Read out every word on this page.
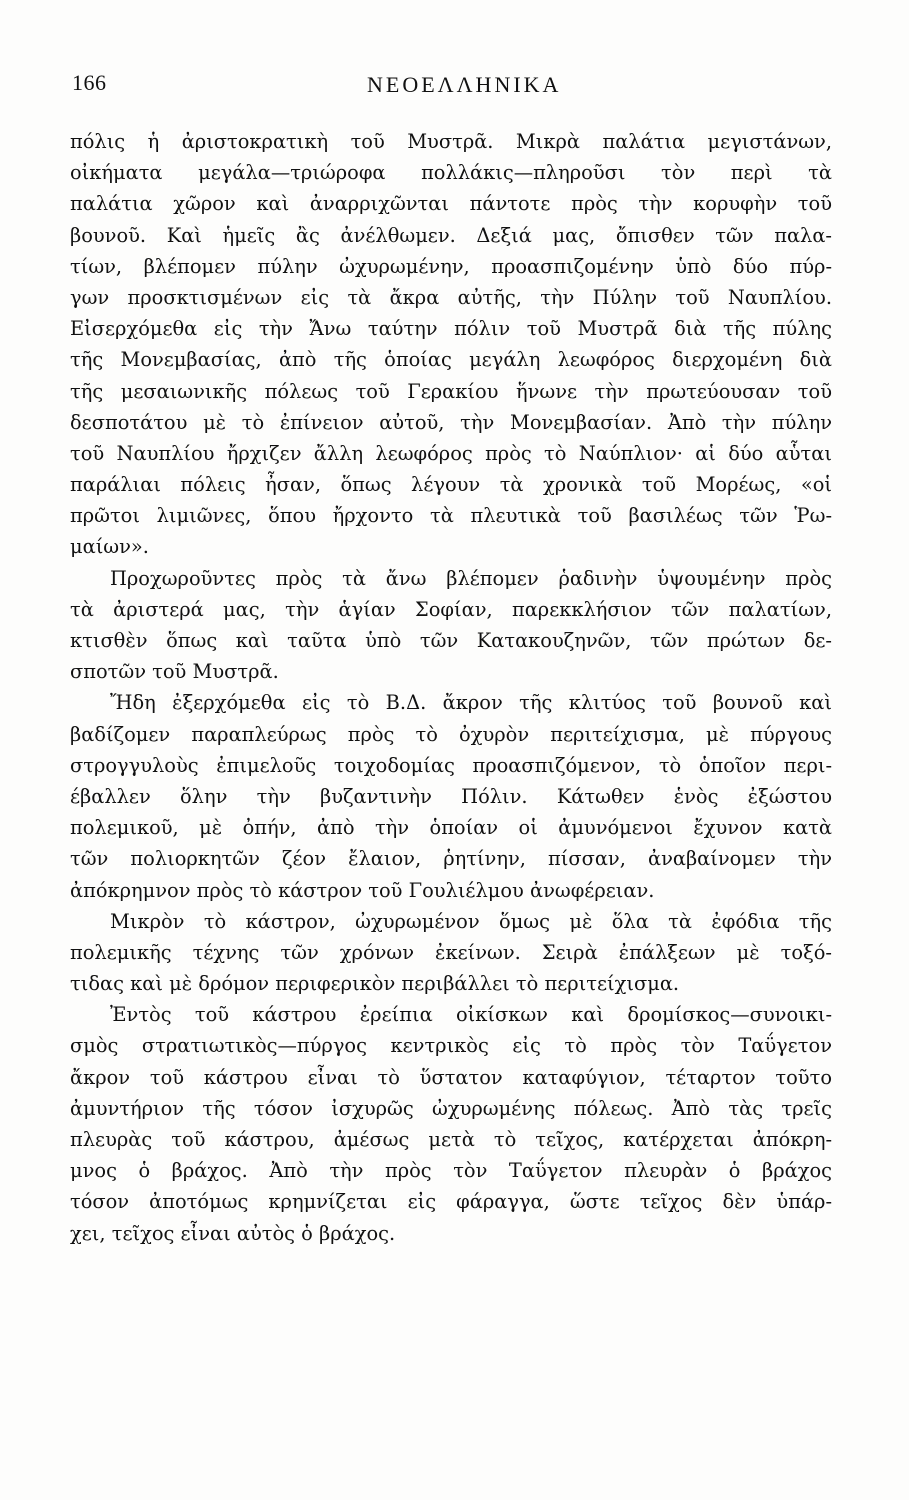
166	ΝΕΟΕΛΛΗΝΙΚΑ
πόλις ἡ ἀριστοκρατικὴ τοῦ Μυστρᾶ. Μικρὰ παλάτια μεγιστάνων,
οἰκήματα μεγάλα—τριώροφα πολλάκις—πληροῦσι τὸν περὶ τὰ
παλάτια χῶρον καὶ ἀναρριχῶνται πάντοτε πρὸς τὴν κορυφὴν τοῦ
βουνοῦ. Καὶ ἡμεῖς ἂς ἀνέλθωμεν. Δεξιά μας, ὄπισθεν τῶν παλα-
τίων, βλέπομεν πύλην ὠχυρωμένην, προασπιζομένην ὑπὸ δύο πύρ-
γων προσκτισμένων εἰς τὰ ἄκρα αὐτῆς, τὴν Πύλην τοῦ Ναυπλίου.
Εἰσερχόμεθα εἰς τὴν Ἄνω ταύτην πόλιν τοῦ Μυστρᾶ διὰ τῆς πύλης
τῆς Μονεμβασίας, ἀπὸ τῆς ὁποίας μεγάλη λεωφόρος διερχομένη διὰ
τῆς μεσαιωνικῆς πόλεως τοῦ Γερακίου ἥνωνε τὴν πρωτεύουσαν τοῦ
δεσποτάτου μὲ τὸ ἐπίνειον αὐτοῦ, τὴν Μονεμβασίαν. Ἀπὸ τὴν πύλην
τοῦ Ναυπλίου ἤρχιζεν ἄλλη λεωφόρος πρὸς τὸ Ναύπλιον· αἱ δύο αὗται
παράλιαι πόλεις ἦσαν, ὅπως λέγουν τὰ χρονικὰ τοῦ Μορέως, «οἱ
πρῶτοι λιμιῶνες, ὅπου ἤρχοντο τὰ πλευτικὰ τοῦ βασιλέως τῶν Ῥω-
μαίων».
Προχωροῦντες πρὸς τὰ ἄνω βλέπομεν ῥαδινὴν ὑψουμένην πρὸς
τὰ ἀριστερά μας, τὴν ἁγίαν Σοφίαν, παρεκκλήσιον τῶν παλατίων,
κτισθὲν ὅπως καὶ ταῦτα ὑπὸ τῶν Κατακουζηνῶν, τῶν πρώτων δε-
σποτῶν τοῦ Μυστρᾶ.
Ἤδη ἐξερχόμεθα εἰς τὸ Β.Δ. ἄκρον τῆς κλιτύος τοῦ βουνοῦ καὶ
βαδίζομεν παραπλεύρως πρὸς τὸ ὀχυρὸν περιτείχισμα, μὲ πύργους
στρογγυλοὺς ἐπιμελοῦς τοιχοδομίας προασπιζόμενον, τὸ ὁποῖον περι-
έβαλλεν ὅλην τὴν βυζαντινὴν Πόλιν. Κάτωθεν ἑνὸς ἐξώστου
πολεμικοῦ, μὲ ὀπήν, ἀπὸ τὴν ὁποίαν οἱ ἀμυνόμενοι ἔχυνον κατὰ
τῶν πολιορκητῶν ζέον ἔλαιον, ῥητίνην, πίσσαν, ἀναβαίνομεν τὴν
ἀπόκρημνον πρὸς τὸ κάστρον τοῦ Γουλιέλμου ἀνωφέρειαν.
Μικρὸν τὸ κάστρον, ὠχυρωμένον ὅμως μὲ ὅλα τὰ ἐφόδια τῆς
πολεμικῆς τέχνης τῶν χρόνων ἐκείνων. Σειρὰ ἐπάλξεων μὲ τοξό-
τιδας καὶ μὲ δρόμον περιφερικὸν περιβάλλει τὸ περιτείχισμα.
Ἐντὸς τοῦ κάστρου ἐρείπια οἰκίσκων καὶ δρομίσκος—συνοικι-
σμὸς στρατιωτικὸς—πύργος κεντρικὸς εἰς τὸ πρὸς τὸν Ταΰγετον
ἄκρον τοῦ κάστρου εἶναι τὸ ὕστατον καταφύγιον, τέταρτον τοῦτο
ἀμυντήριον τῆς τόσον ἰσχυρῶς ὠχυρωμένης πόλεως. Ἀπὸ τὰς τρεῖς
πλευρὰς τοῦ κάστρου, ἀμέσως μετὰ τὸ τεῖχος, κατέρχεται ἀπόκρη-
μνος ὁ βράχος. Ἀπὸ τὴν πρὸς τὸν Ταΰγετον πλευρὰν ὁ βράχος
τόσον ἀποτόμως κρημνίζεται εἰς φάραγγα, ὥστε τεῖχος δὲν ὑπάρ-
χει, τεῖχος εἶναι αὐτὸς ὁ βράχος.
